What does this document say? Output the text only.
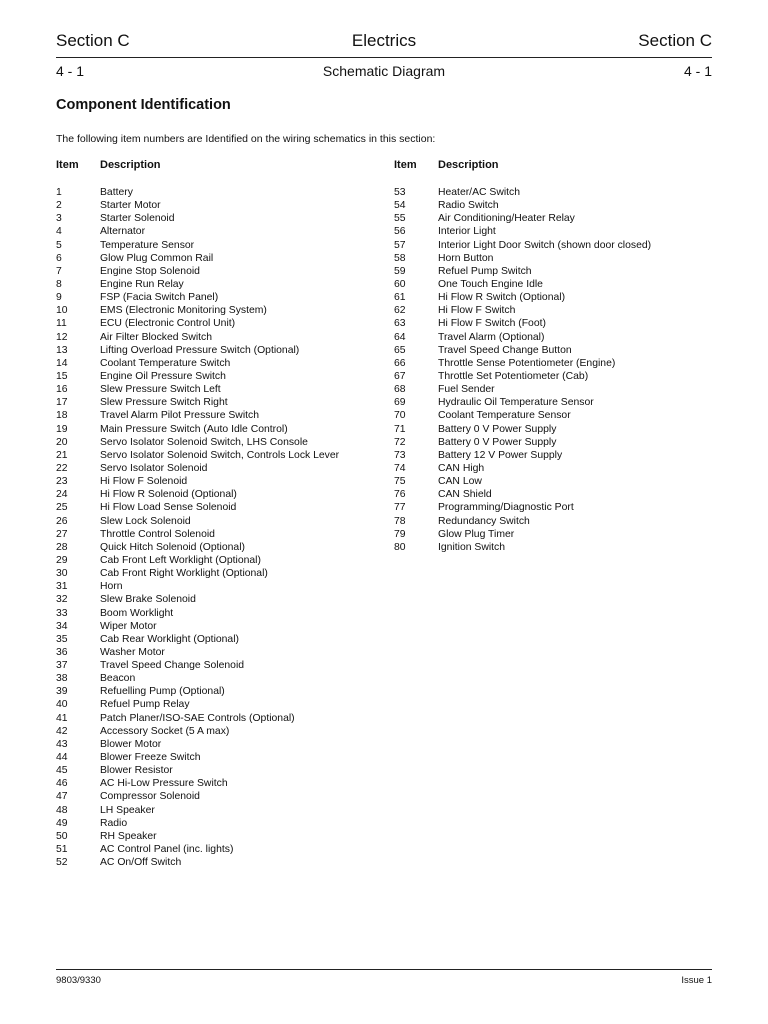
Section C	Electrics	Section C
4 - 1	Schematic Diagram	4 - 1
Component Identification
The following item numbers are Identified on the wiring schematics in this section:
Item Description
1	Battery
2	Starter Motor
3	Starter Solenoid
4	Alternator
5	Temperature Sensor
6	Glow Plug Common Rail
7	Engine Stop Solenoid
8	Engine Run Relay
9	FSP (Facia Switch Panel)
10	EMS (Electronic Monitoring System)
11	ECU (Electronic Control Unit)
12	Air Filter Blocked Switch
13	Lifting Overload Pressure Switch (Optional)
14	Coolant Temperature Switch
15	Engine Oil Pressure Switch
16	Slew Pressure Switch Left
17	Slew Pressure Switch Right
18	Travel Alarm Pilot Pressure Switch
19	Main Pressure Switch (Auto Idle Control)
20	Servo Isolator Solenoid Switch, LHS Console
21	Servo Isolator Solenoid Switch, Controls Lock Lever
22	Servo Isolator Solenoid
23	Hi Flow F Solenoid
24	Hi Flow R Solenoid (Optional)
25	Hi Flow Load Sense Solenoid
26	Slew Lock Solenoid
27	Throttle Control Solenoid
28	Quick Hitch Solenoid (Optional)
29	Cab Front Left Worklight (Optional)
30	Cab Front Right Worklight (Optional)
31	Horn
32	Slew Brake Solenoid
33	Boom Worklight
34	Wiper Motor
35	Cab Rear Worklight (Optional)
36	Washer Motor
37	Travel Speed Change Solenoid
38	Beacon
39	Refuelling Pump (Optional)
40	Refuel Pump Relay
41	Patch Planer/ISO-SAE Controls (Optional)
42	Accessory Socket (5 A max)
43	Blower Motor
44	Blower Freeze Switch
45	Blower Resistor
46	AC Hi-Low Pressure Switch
47	Compressor Solenoid
48	LH Speaker
49	Radio
50	RH Speaker
51	AC Control Panel (inc. lights)
52	AC On/Off Switch
Item Description
53	Heater/AC Switch
54	Radio Switch
55	Air Conditioning/Heater Relay
56	Interior Light
57	Interior Light Door Switch (shown door closed)
58	Horn Button
59	Refuel Pump Switch
60	One Touch Engine Idle
61	Hi Flow R Switch (Optional)
62	Hi Flow F Switch
63	Hi Flow F Switch (Foot)
64	Travel Alarm (Optional)
65	Travel Speed Change Button
66	Throttle Sense Potentiometer (Engine)
67	Throttle Set Potentiometer (Cab)
68	Fuel Sender
69	Hydraulic Oil Temperature Sensor
70	Coolant Temperature Sensor
71	Battery 0 V Power Supply
72	Battery 0 V Power Supply
73	Battery 12 V Power Supply
74	CAN High
75	CAN Low
76	CAN Shield
77	Programming/Diagnostic Port
78	Redundancy Switch
79	Glow Plug Timer
80	Ignition Switch
9803/9330	Issue 1
